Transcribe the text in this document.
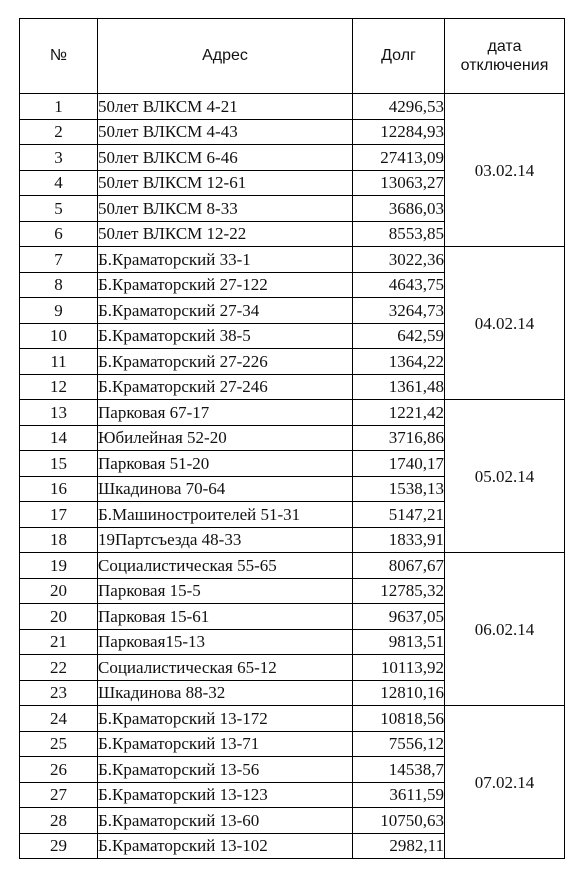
№	Адрес	Долг	дата
отключения

1	50лет ВЛКСМ 4-21	4296,53	03.02.14
2	50лет ВЛКСМ 4-43	12284,93	
3	50лет ВЛКСМ 6-46	27413,09	
4	50лет ВЛКСМ 12-61	13063,27	
5	50лет ВЛКСМ 8-33	3686,03	
6	50лет ВЛКСМ 12-22	8553,85	
7	Б.Краматорский 33-1	3022,36	04.02.14
8	Б.Краматорский 27-122	4643,75	
9	Б.Краматорский 27-34	3264,73	
10	Б.Краматорский 38-5	642,59	
11	Б.Краматорский 27-226	1364,22	
12	Б.Краматорский 27-246	1361,48	
13	Парковая 67-17	1221,42	05.02.14
14	Юбилейная 52-20	3716,86	
15	Парковая 51-20	1740,17	
16	Шкадинова 70-64	1538,13	
17	Б.Машиностроителей 51-31	5147,21	
18	19Партсъезда 48-33	1833,91	
19	Социалистическая 55-65	8067,67	06.02.14
20	Парковая 15-5	12785,32	
20	Парковая 15-61	9637,05	
21	Парковая15-13	9813,51	
22	Социалистическая 65-12	10113,92	
23	Шкадинова 88-32	12810,16	
24	Б.Краматорский 13-172	10818,56	07.02.14
25	Б.Краматорский 13-71	7556,12	
26	Б.Краматорский 13-56	14538,7	
27	Б.Краматорский 13-123	3611,59	
28	Б.Краматорский 13-60	10750,63	
29	Б.Краматорский 13-102	2982,11	
